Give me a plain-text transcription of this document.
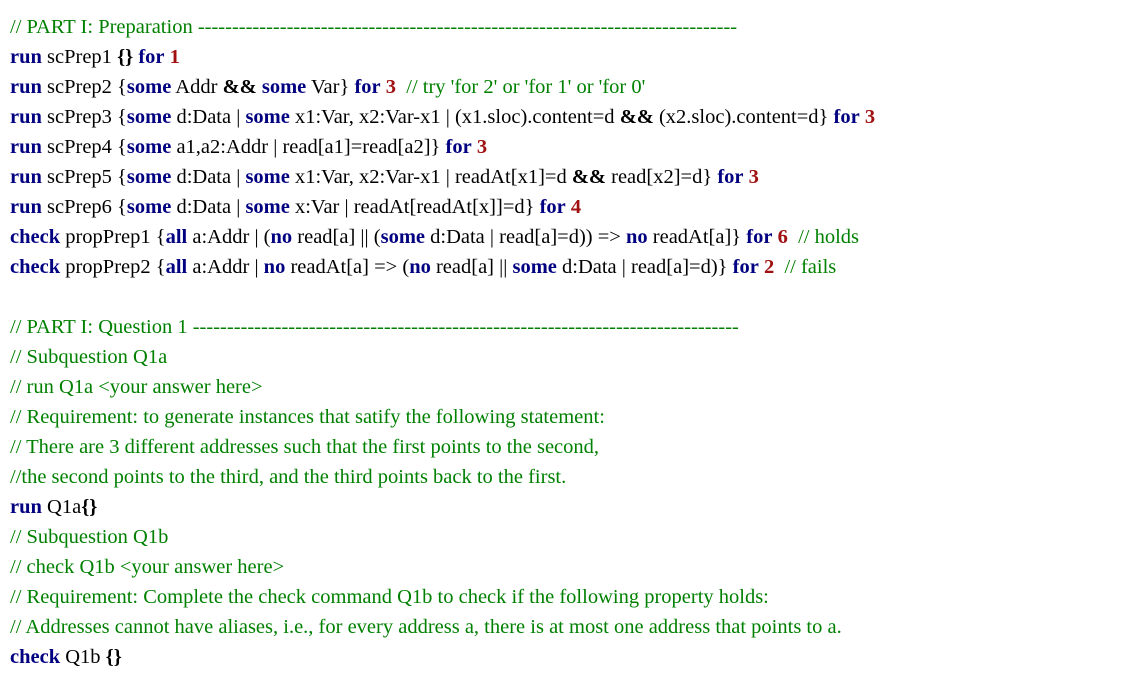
// PART I: Preparation -------------------------------------------------------------------------------
run scPrep1 {} for 1
run scPrep2 {some Addr && some Var} for 3  // try 'for 2' or 'for 1' or 'for 0'
run scPrep3 {some d:Data | some x1:Var, x2:Var-x1 | (x1.sloc).content=d && (x2.sloc).content=d} for 3
run scPrep4 {some a1,a2:Addr | read[a1]=read[a2]} for 3
run scPrep5 {some d:Data | some x1:Var, x2:Var-x1 | readAt[x1]=d && read[x2]=d} for 3
run scPrep6 {some d:Data | some x:Var | readAt[readAt[x]]=d} for 4
check propPrep1 {all a:Addr | (no read[a] || (some d:Data | read[a]=d)) => no readAt[a]} for 6  // holds
check propPrep2 {all a:Addr | no readAt[a] => (no read[a] || some d:Data | read[a]=d)} for 2  // fails

// PART I: Question 1 --------------------------------------------------------------------------------
// Subquestion Q1a
// run Q1a <your answer here>
// Requirement: to generate instances that satify the following statement:
// There are 3 different addresses such that the first points to the second,
//the second points to the third, and the third points back to the first.
run Q1a{}
// Subquestion Q1b
// check Q1b <your answer here>
// Requirement: Complete the check command Q1b to check if the following property holds:
// Addresses cannot have aliases, i.e., for every address a, there is at most one address that points to a.
check Q1b {}
